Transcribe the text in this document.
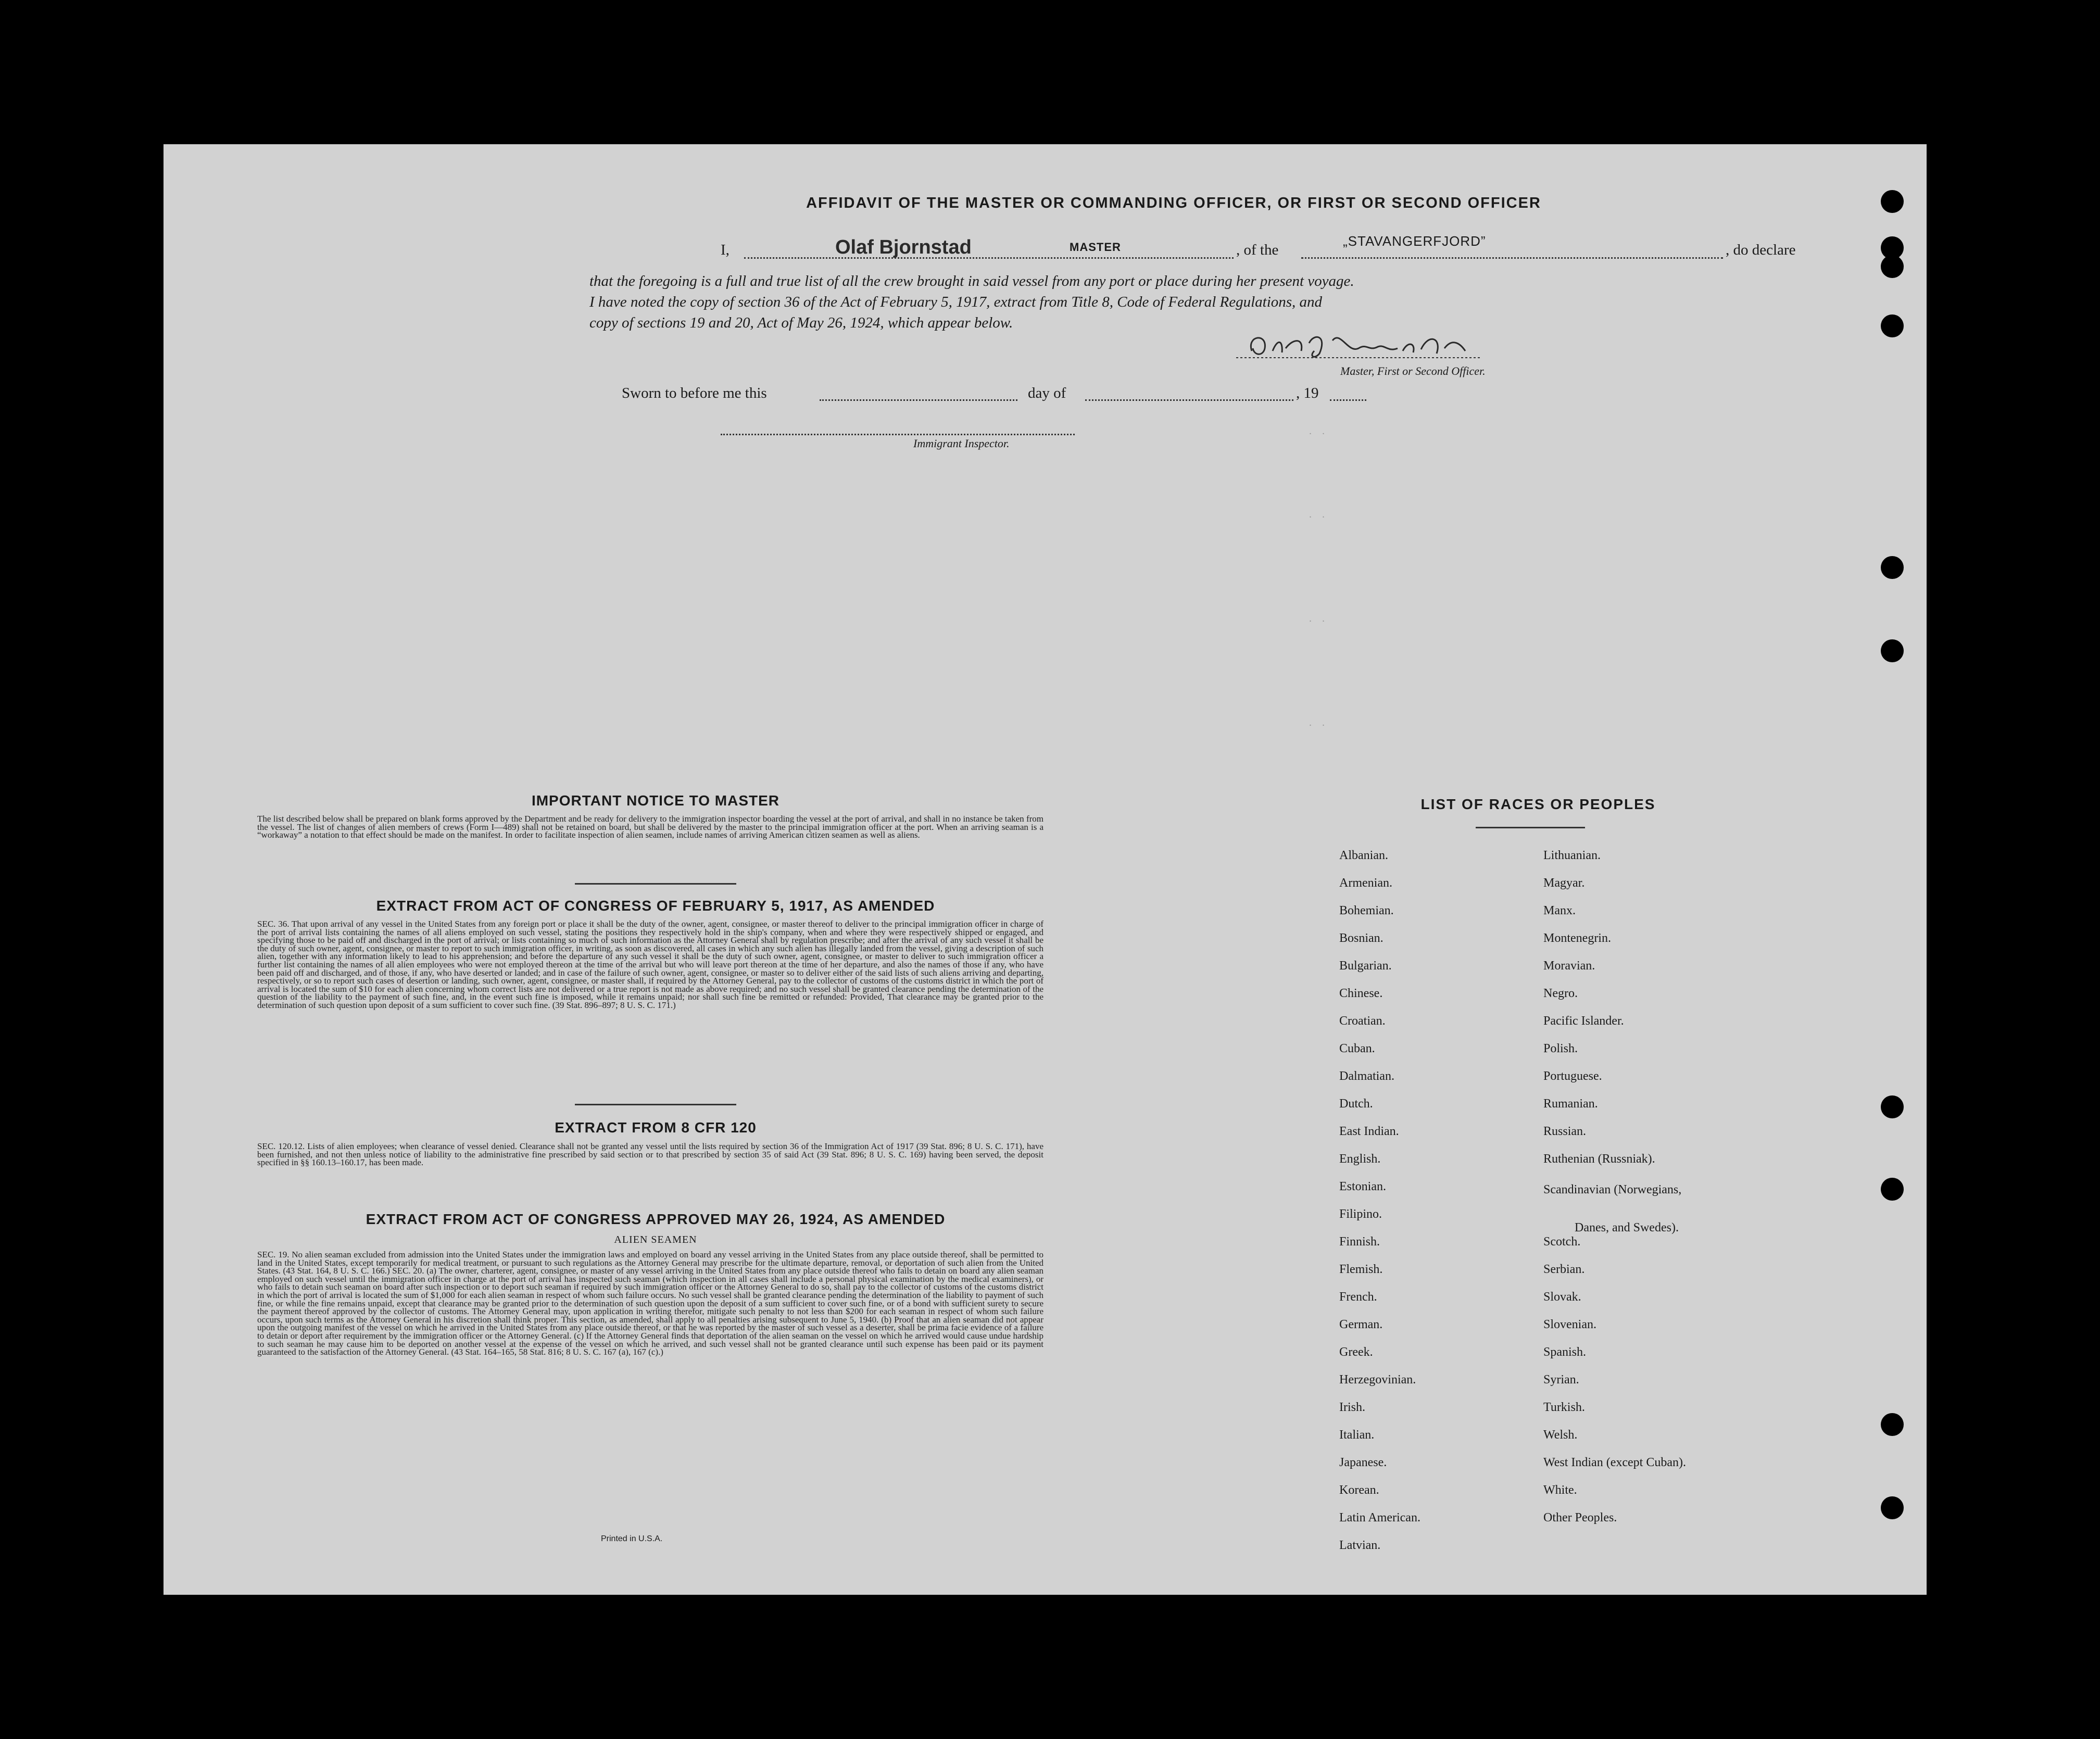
AFFIDAVIT OF THE MASTER OR COMMANDING OFFICER, OR FIRST OR SECOND OFFICER
I,	Olaf Bjornstad	MASTER	, of the
„STAVANGERFJORD”
, do declare
that the foregoing is a full and true list of all the crew brought in said vessel from any port or place during her present voyage.
I have noted the copy of section 36 of the Act of February 5, 1917, extract from Title 8, Code of Federal Regulations, and
copy of sections 19 and 20, Act of May 26, 1924, which appear below.
Master, First or Second Officer.
Sworn to before me this	day of	, 19
Immigrant Inspector.
.    .
.    .
.    .
.    .
IMPORTANT NOTICE TO MASTER
The list described below shall be prepared on blank forms approved by the Department and be ready for delivery to the immigration inspector boarding the vessel at the port of arrival, and shall in no instance be taken from the vessel. The list of changes of alien members of crews (Form I—489) shall not be retained on board, but shall be delivered by the master to the principal immigration officer at the port. When an arriving seaman is a “workaway” a notation to that effect should be made on the manifest. In order to facilitate inspection of alien seamen, include names of arriving American citizen seamen as well as aliens.
EXTRACT FROM ACT OF CONGRESS OF FEBRUARY 5, 1917, AS AMENDED
SEC. 36. That upon arrival of any vessel in the United States from any foreign port or place it shall be the duty of the owner, agent, consignee, or master thereof to deliver to the principal immigration officer in charge of the port of arrival lists containing the names of all aliens employed on such vessel, stating the positions they respectively hold in the ship's company, when and where they were respectively shipped or engaged, and specifying those to be paid off and discharged in the port of arrival; or lists containing so much of such information as the Attorney General shall by regulation prescribe; and after the arrival of any such vessel it shall be the duty of such owner, agent, consignee, or master to report to such immigration officer, in writing, as soon as discovered, all cases in which any such alien has illegally landed from the vessel, giving a description of such alien, together with any information likely to lead to his apprehension; and before the departure of any such vessel it shall be the duty of such owner, agent, consignee, or master to deliver to such immigration officer a further list containing the names of all alien employees who were not employed thereon at the time of the arrival but who will leave port thereon at the time of her departure, and also the names of those if any, who have been paid off and discharged, and of those, if any, who have deserted or landed; and in case of the failure of such owner, agent, consignee, or master so to deliver either of the said lists of such aliens arriving and departing, respectively, or so to report such cases of desertion or landing, such owner, agent, consignee, or master shall, if required by the Attorney General, pay to the collector of customs of the customs district in which the port of arrival is located the sum of $10 for each alien concerning whom correct lists are not delivered or a true report is not made as above required; and no such vessel shall be granted clearance pending the determination of the question of the liability to the payment of such fine, and, in the event such fine is imposed, while it remains unpaid; nor shall such fine be remitted or refunded: Provided, That clearance may be granted prior to the determination of such question upon deposit of a sum sufficient to cover such fine. (39 Stat. 896–897; 8 U. S. C. 171.)
EXTRACT FROM 8 CFR 120
SEC. 120.12. Lists of alien employees; when clearance of vessel denied. Clearance shall not be granted any vessel until the lists required by section 36 of the Immigration Act of 1917 (39 Stat. 896; 8 U. S. C. 171), have been furnished, and not then unless notice of liability to the administrative fine prescribed by said section or to that prescribed by section 35 of said Act (39 Stat. 896; 8 U. S. C. 169) having been served, the deposit specified in §§ 160.13–160.17, has been made.
EXTRACT FROM ACT OF CONGRESS APPROVED MAY 26, 1924, AS AMENDED
ALIEN SEAMEN
SEC. 19. No alien seaman excluded from admission into the United States under the immigration laws and employed on board any vessel arriving in the United States from any place outside thereof, shall be permitted to land in the United States, except temporarily for medical treatment, or pursuant to such regulations as the Attorney General may prescribe for the ultimate departure, removal, or deportation of such alien from the United States. (43 Stat. 164, 8 U. S. C. 166.) SEC. 20. (a) The owner, charterer, agent, consignee, or master of any vessel arriving in the United States from any place outside thereof who fails to detain on board any alien seaman employed on such vessel until the immigration officer in charge at the port of arrival has inspected such seaman (which inspection in all cases shall include a personal physical examination by the medical examiners), or who fails to detain such seaman on board after such inspection or to deport such seaman if required by such immigration officer or the Attorney General to do so, shall pay to the collector of customs of the customs district in which the port of arrival is located the sum of $1,000 for each alien seaman in respect of whom such failure occurs. No such vessel shall be granted clearance pending the determination of the liability to payment of such fine, or while the fine remains unpaid, except that clearance may be granted prior to the determination of such question upon the deposit of a sum sufficient to cover such fine, or of a bond with sufficient surety to secure the payment thereof approved by the collector of customs. The Attorney General may, upon application in writing therefor, mitigate such penalty to not less than $200 for each seaman in respect of whom such failure occurs, upon such terms as the Attorney General in his discretion shall think proper. This section, as amended, shall apply to all penalties arising subsequent to June 5, 1940. (b) Proof that an alien seaman did not appear upon the outgoing manifest of the vessel on which he arrived in the United States from any place outside thereof, or that he was reported by the master of such vessel as a deserter, shall be prima facie evidence of a failure to detain or deport after requirement by the immigration officer or the Attorney General. (c) If the Attorney General finds that deportation of the alien seaman on the vessel on which he arrived would cause undue hardship to such seaman he may cause him to be deported on another vessel at the expense of the vessel on which he arrived, and such vessel shall not be granted clearance until such expense has been paid or its payment guaranteed to the satisfaction of the Attorney General. (43 Stat. 164–165, 58 Stat. 816; 8 U. S. C. 167 (a), 167 (c).)
Printed in U.S.A.
LIST OF RACES OR PEOPLES
Albanian.
Armenian.
Bohemian.
Bosnian.
Bulgarian.
Chinese.
Croatian.
Cuban.
Dalmatian.
Dutch.
East Indian.
English.
Estonian.
Filipino.
Finnish.
Flemish.
French.
German.
Greek.
Herzegovinian.
Irish.
Italian.
Japanese.
Korean.
Latin American.
Latvian.
Lithuanian.
Magyar.
Manx.
Montenegrin.
Moravian.
Negro.
Pacific Islander.
Polish.
Portuguese.
Rumanian.
Russian.
Ruthenian (Russniak).
Scandinavian (Norwegians,
Danes, and Swedes).
Scotch.
Serbian.
Slovak.
Slovenian.
Spanish.
Syrian.
Turkish.
Welsh.
West Indian (except Cuban).
White.
Other Peoples.
